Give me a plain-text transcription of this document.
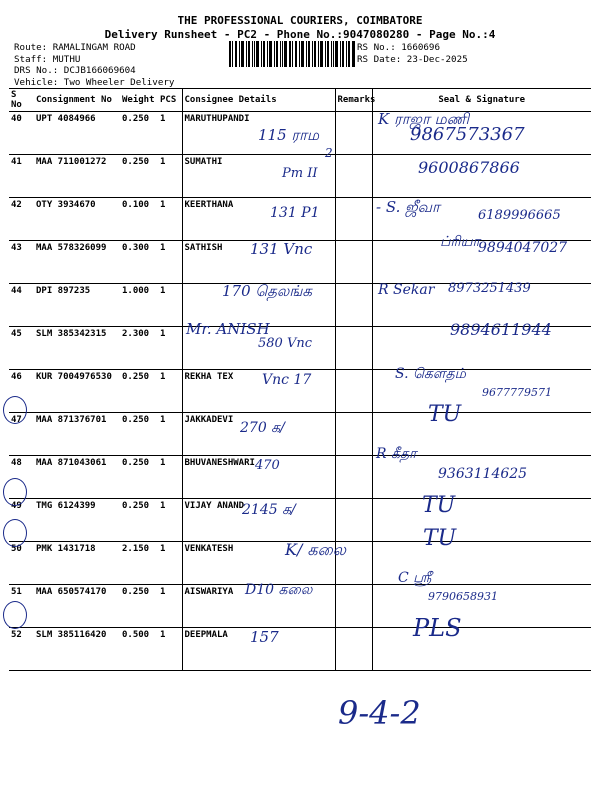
THE PROFESSIONAL COURIERS, COIMBATORE
Delivery Runsheet - PC2 - Phone No.:9047080280 - Page No.:4
Route: RAMALINGAM ROAD
Staff: MUTHU
DRS No.: DCJB166069604
Vehicle: Two Wheeler Delivery
RS No.: 1660696
RS Date: 23-Dec-2025
S No	Consignment No	Weight	PCS	Consignee Details	Remarks	Seal & Signature
40	UPT 4084966	0.250	1	MARUTHUPANDI		
41	MAA 711001272	0.250	1	SUMATHI		
42	OTY 3934670	0.100	1	KEERTHANA		
43	MAA 578326099	0.300	1	SATHISH		
44	DPI 897235	1.000	1			
45	SLM 385342315	2.300	1			
46	KUR 7004976530	0.250	1	REKHA TEX		
47	MAA 871376701	0.250	1	JAKKADEVI		
48	MAA 871043061	0.250	1	BHUVANESHWARI		
49	TMG 6124399	0.250	1	VIJAY ANAND		
50	PMK 1431718	2.150	1	VENKATESH		
51	MAA 650574170	0.250	1	AISWARIYA		
52	SLM 385116420	0.500	1	DEEPMALA		
115 ராம
K ராஜா மணி
9867573367
2
Pm II	9600867866
131 P1	- S. ஜீவா	6189996665
131 Vnc	ப்ரியா
9894047027
170 தெலங்க	R Sekar 8973251439
Mr. ANISH
580 Vnc
9894611944
Vnc 17	S. கௌதம்
9677779571
270 க/
TU
470
R கீதா
9363114625
2145 க/	TU
K/ கலை	TU
D10 கலை
C ஸ்ரீ
9790658931
157	PLS
9-4-2
